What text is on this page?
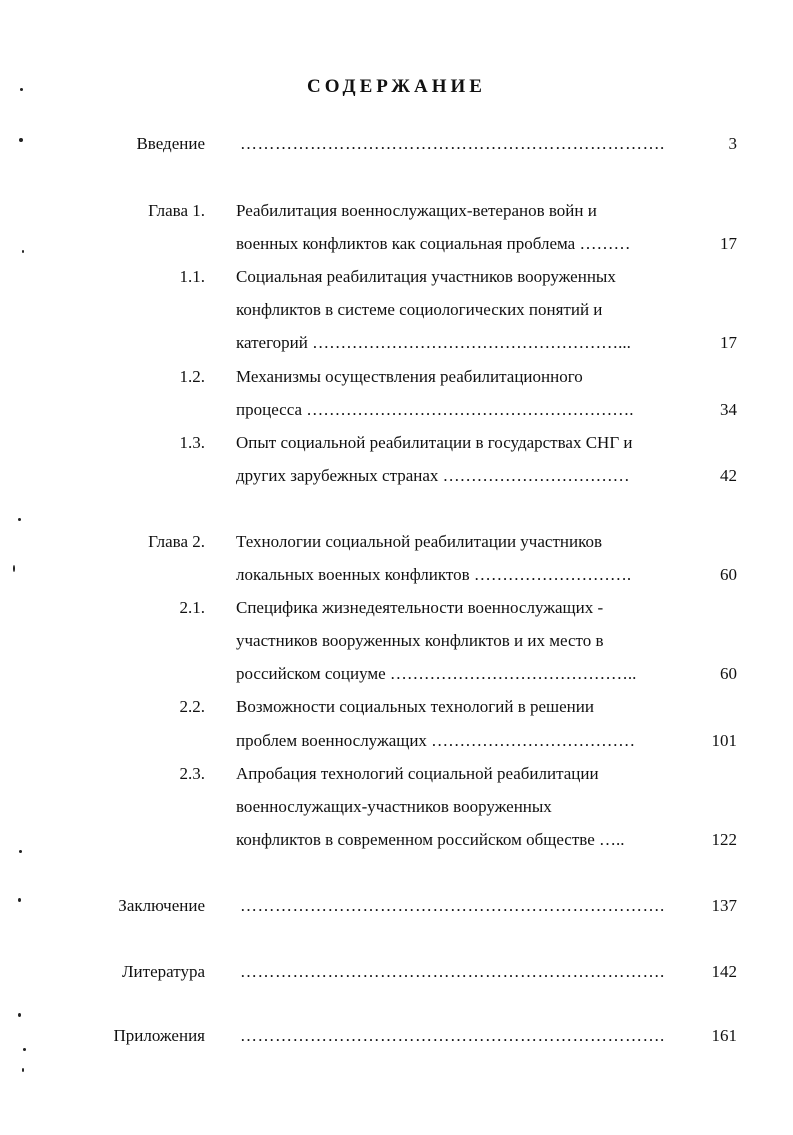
СОДЕРЖАНИЕ
Введение ……………………………………………………………….	3
Глава 1. Реабилитация военнослужащих-ветеранов войн и
военных конфликтов как социальная проблема ………	17
1.1. Социальная реабилитация участников вооруженных
конфликтов в системе социологических понятий и
категорий ………………………………………………...	17
1.2. Механизмы осуществления реабилитационного
процесса ………………………………………………….	34
1.3. Опыт социальной реабилитации в государствах СНГ и
других зарубежных странах ……………………………	42
Глава 2. Технологии социальной реабилитации участников
локальных военных конфликтов ……………………….	60
2.1. Специфика жизнедеятельности военнослужащих -
участников вооруженных конфликтов и их место в
российском социуме ……………………………………..	60
2.2. Возможности социальных технологий в решении
проблем военнослужащих ………………………………	101
2.3. Апробация технологий социальной реабилитации
военнослужащих-участников вооруженных
конфликтов в современном российском обществе …..	122
Заключение ……………………………………………………………….	137
Литература ……………………………………………………………….	142
Приложения ……………………………………………………………….	161
